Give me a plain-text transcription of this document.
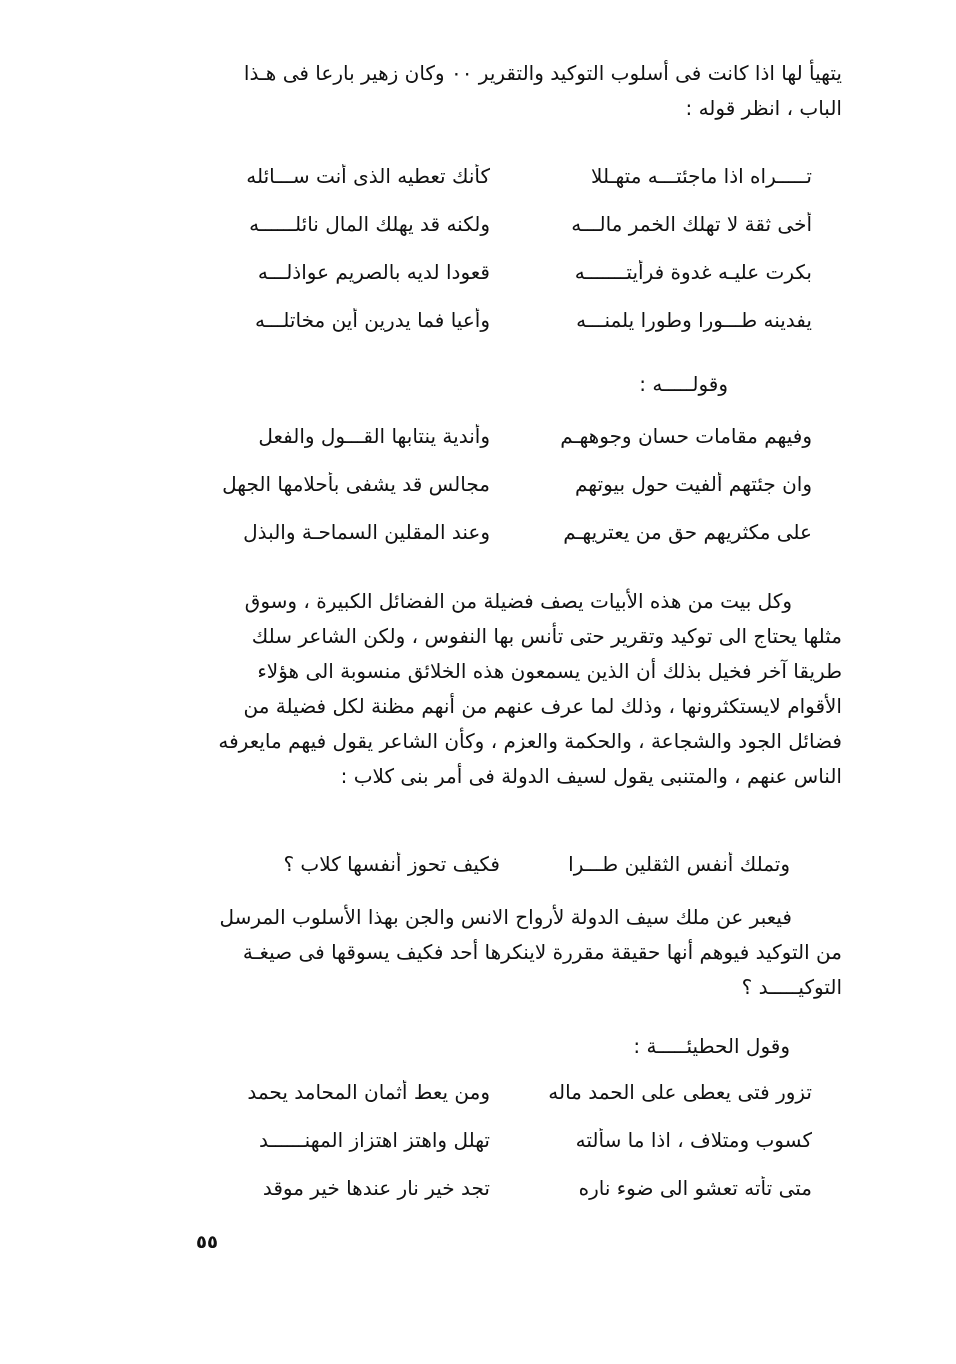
يتهيأ لها اذا كانت فى أسلوب التوكيد والتقرير ٠٠ وكان زهير بارعا فى هـذا
الباب ، انظر قوله :
تـــــراه اذا ماجئتـــه متهـللا
كأنك تعطيه الذى أنت ســـائله
أخى ثقة لا تهلك الخمر مالـــه
ولكنه قد يهلك المال نائلــــــه
بكرت عليـه غدوة فرأيتـــــــه
قعودا لديه بالصريم عواذلـــه
يفدينه طـــورا وطورا يلمنـــه
وأعيا فما يدرين أين مخاتلـــه
وقولـــــه :
وفيهم مقامات حسان وجوههـم
وأندية ينتابها القـــول والفعل
وان جئتهم ألفيت حول بيوتهم
مجالس قد يشفى بأحلامها الجهل
على مكثريهم حق من يعتريهـم
وعند المقلين السماحـة والبذل
وكل بيت من هذه الأبيات يصف فضيلة من الفضائل الكبيرة ، وسوق
مثلها يحتاج الى توكيد وتقرير حتى تأنس بها النفوس ، ولكن الشاعر سلك
طريقا آخر فخيل بذلك أن الذين يسمعون هذه الخلائق منسوبة الى هؤلاء
الأقوام لايستكثرونها ، وذلك لما عرف عنهم من أنهم مظنة لكل فضيلة من
فضائل الجود والشجاعة ، والحكمة والعزم ، وكأن الشاعر يقول فيهم مايعرفه
الناس عنهم ، والمتنبى يقول لسيف الدولة فى أمر بنى كلاب :
وتملك أنفس الثقلين طـــرا
فكيف تحوز أنفسها كلاب ؟
فيعبر عن ملك سيف الدولة لأرواح الانس والجن بهذا الأسلوب المرسل
من التوكيد فيوهم أنها حقيقة مقررة لاينكرها أحد فكيف يسوقها فى صيغـة
التوكيـــــد ؟
وقول الحطيئـــــة :
تزور فتى يعطى على الحمد ماله
ومن يعط أثمان المحامد يحمد
كسوب ومتلاف ، اذا ما سألته
تهلل واهتز اهتزاز المهنــــــد
متى تأته تعشو الى ضوء ناره
تجد خير نار عندها خير موقد
٥٥
